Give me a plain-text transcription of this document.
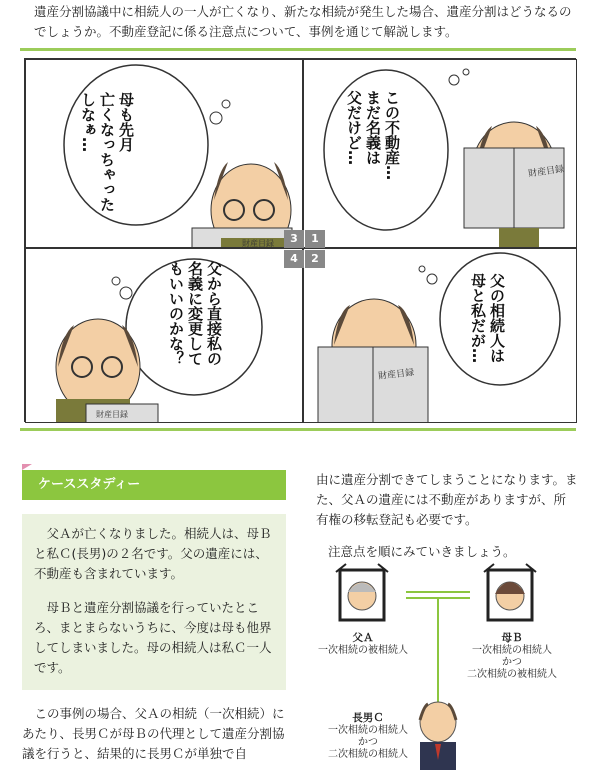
遺産分割協議中に相続人の一人が亡くなり、新たな相続が発生した場合、遺産分割はどうなるの
でしょうか。不動産登記に係る注意点について、事例を通じて解説します。
母も先月
亡くなっちゃった
しなぁ…
財産目録
この不動産…
まだ名義は
父だけど…
財産目録
父から直接私の
名義に変更して
もいいのかな？
財産目録
父の相続人は
母と私だが…
財産目録
3	1
4	2
ケーススタディー

父Ａが亡くなりました。相続人は、母Ｂと私Ｃ(長男)の２名です。父の遺産には、不動産も含まれています。

母Ｂと遺産分割協議を行っていたところ、まとまらないうちに、今度は母も他界してしまいました。母の相続人は私Ｃ一人です。

この事例の場合、父Ａの相続（一次相続）にあたり、長男Ｃが母Ｂの代理として遺産分割協議を行うと、結果的に長男Ｃが単独で自
由に遺産分割できてしまうことになります。また、父Ａの遺産には不動産がありますが、所有権の移転登記も必要です。
注意点を順にみていきましょう。
父Ａ
一次相続の被相続人
母Ｂ
一次相続の相続人
かつ
二次相続の被相続人
長男Ｃ
一次相続の相続人
かつ
二次相続の相続人
